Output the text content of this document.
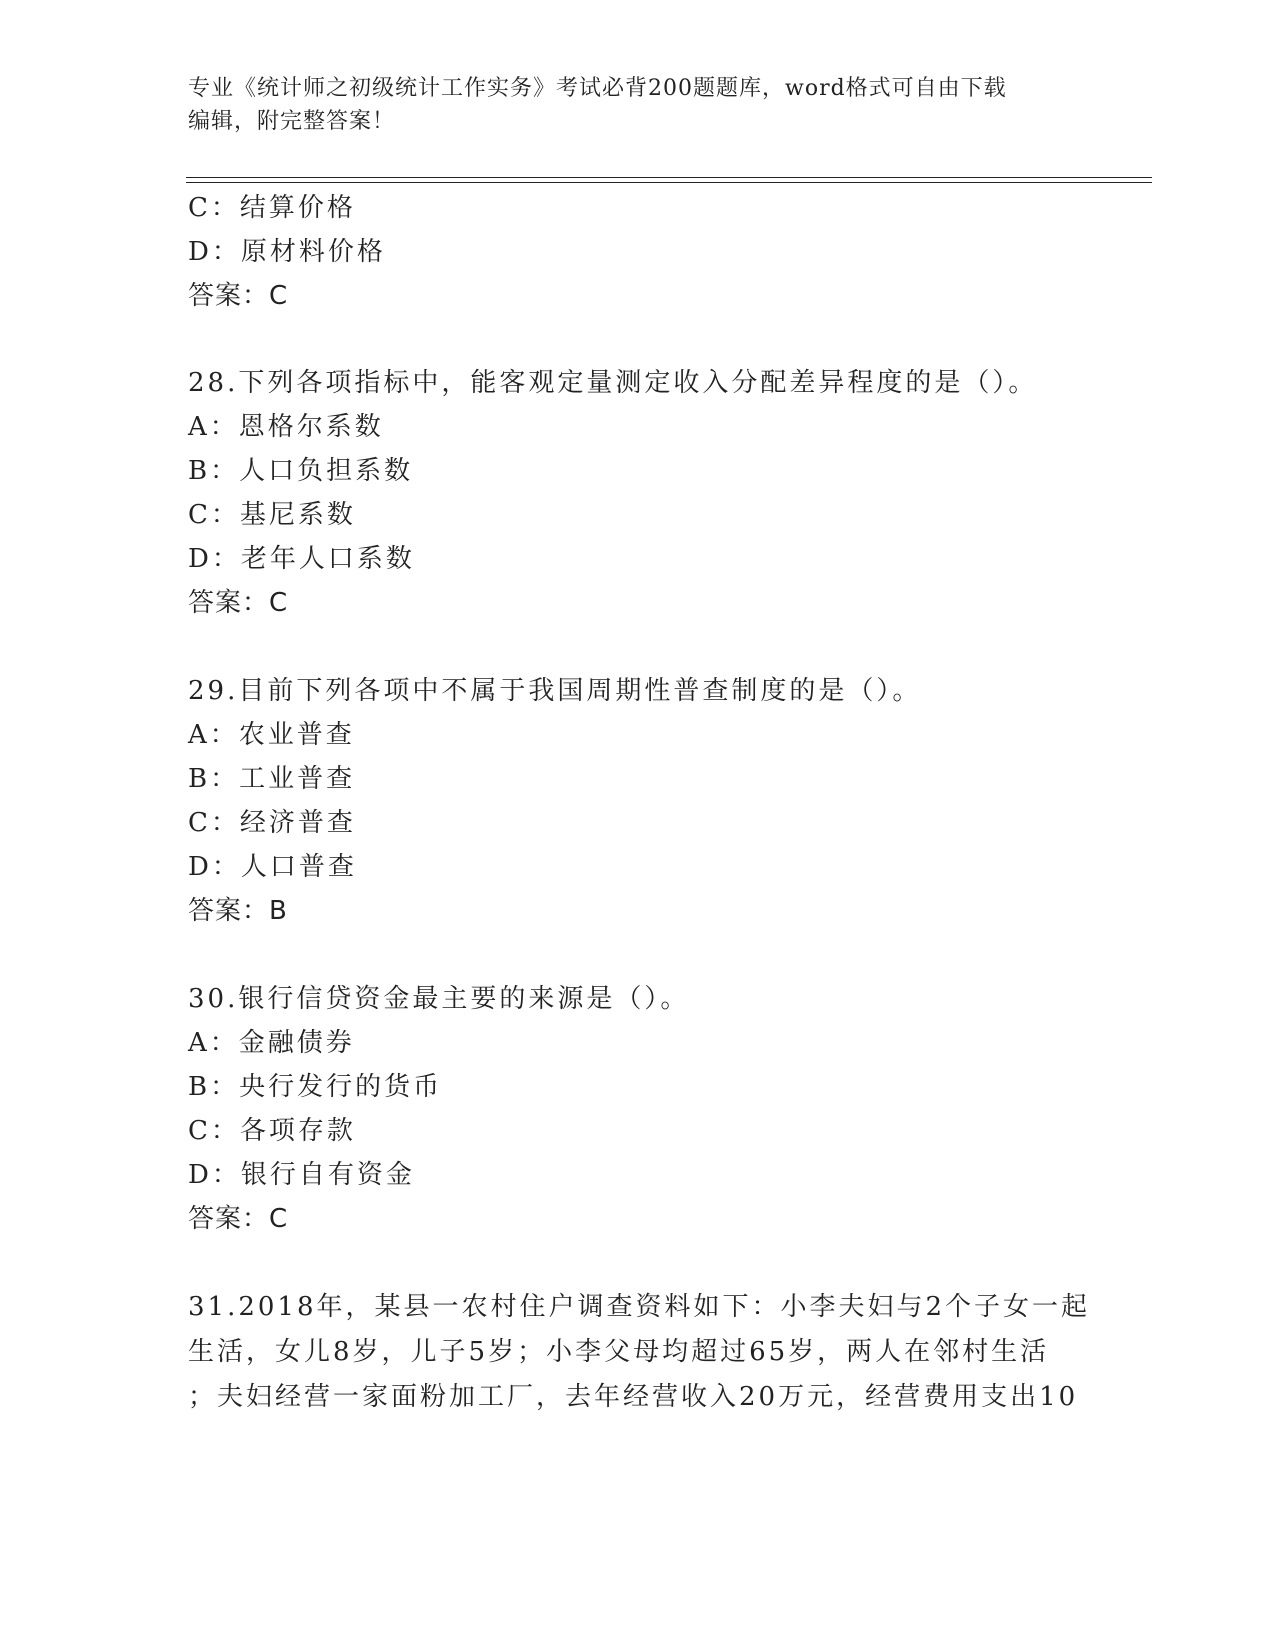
专业《统计师之初级统计工作实务》考试必背200题题库，word格式可自由下载
编辑，附完整答案！
C：结算价格
D：原材料价格
答案：C
28.下列各项指标中，能客观定量测定收入分配差异程度的是（）。
A：恩格尔系数
B：人口负担系数
C：基尼系数
D：老年人口系数
答案：C
29.目前下列各项中不属于我国周期性普查制度的是（）。
A：农业普查
B：工业普查
C：经济普查
D：人口普查
答案：B
30.银行信贷资金最主要的来源是（）。
A：金融债券
B：央行发行的货币
C：各项存款
D：银行自有资金
答案：C
31.2018年，某县一农村住户调查资料如下：小李夫妇与2个子女一起
生活，女儿8岁，儿子5岁；小李父母均超过65岁，两人在邻村生活
；夫妇经营一家面粉加工厂，去年经营收入20万元，经营费用支出10
